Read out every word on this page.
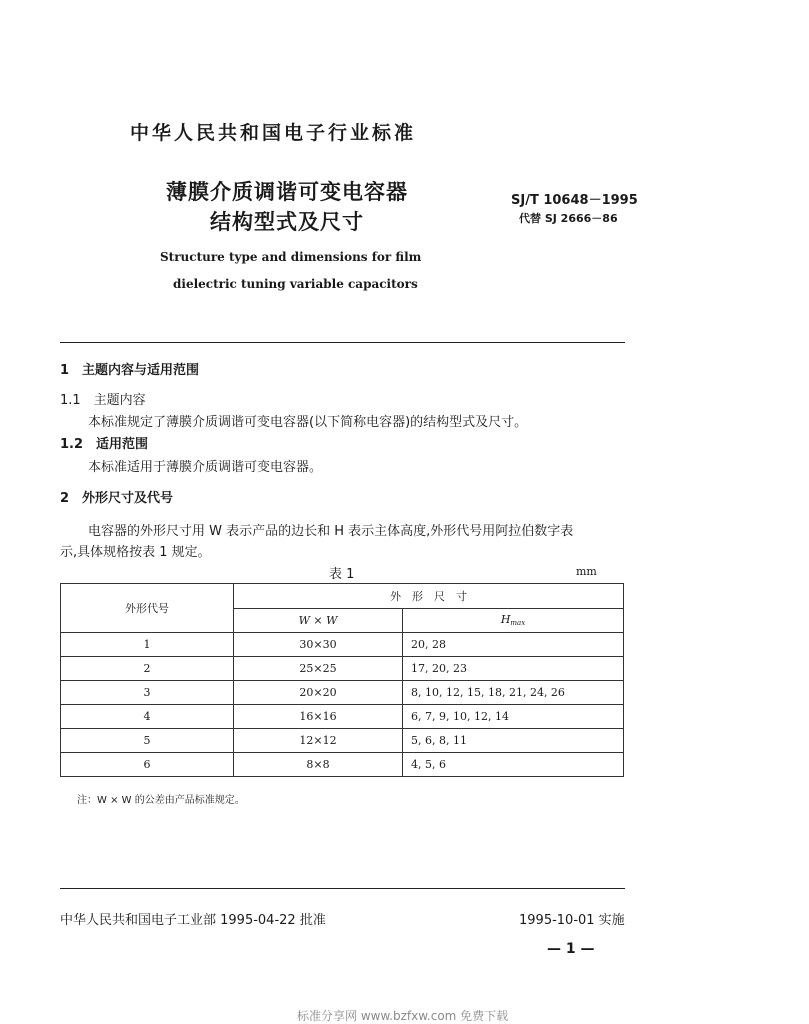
中华人民共和国电子行业标准
薄膜介质调谐可变电容器
结构型式及尺寸
SJ/T 10648－1995
代替 SJ 2666－86
Structure type and dimensions for film
dielectric tuning variable capacitors
1　主题内容与适用范围
1.1　主题内容
本标准规定了薄膜介质调谐可变电容器(以下简称电容器)的结构型式及尺寸。
1.2　适用范围
本标准适用于薄膜介质调谐可变电容器。
2　外形尺寸及代号
电容器的外形尺寸用 W 表示产品的边长和 H 表示主体高度,外形代号用阿拉伯数字表
示,具体规格按表 1 规定。
表 1	mm
外形代号	外　形　尺　寸	
	W × W	Hmax
1	30×30	20, 28
2	25×25	17, 20, 23
3	20×20	8, 10, 12, 15, 18, 21, 24, 26
4	16×16	6, 7, 9, 10, 12, 14
5	12×12	5, 6, 8, 11
6	8×8	4, 5, 6
注：W × W 的公差由产品标准规定。
中华人民共和国电子工业部 1995-04-22 批准	1995-10-01 实施
— 1 —
标准分享网 www.bzfxw.com 免费下载
